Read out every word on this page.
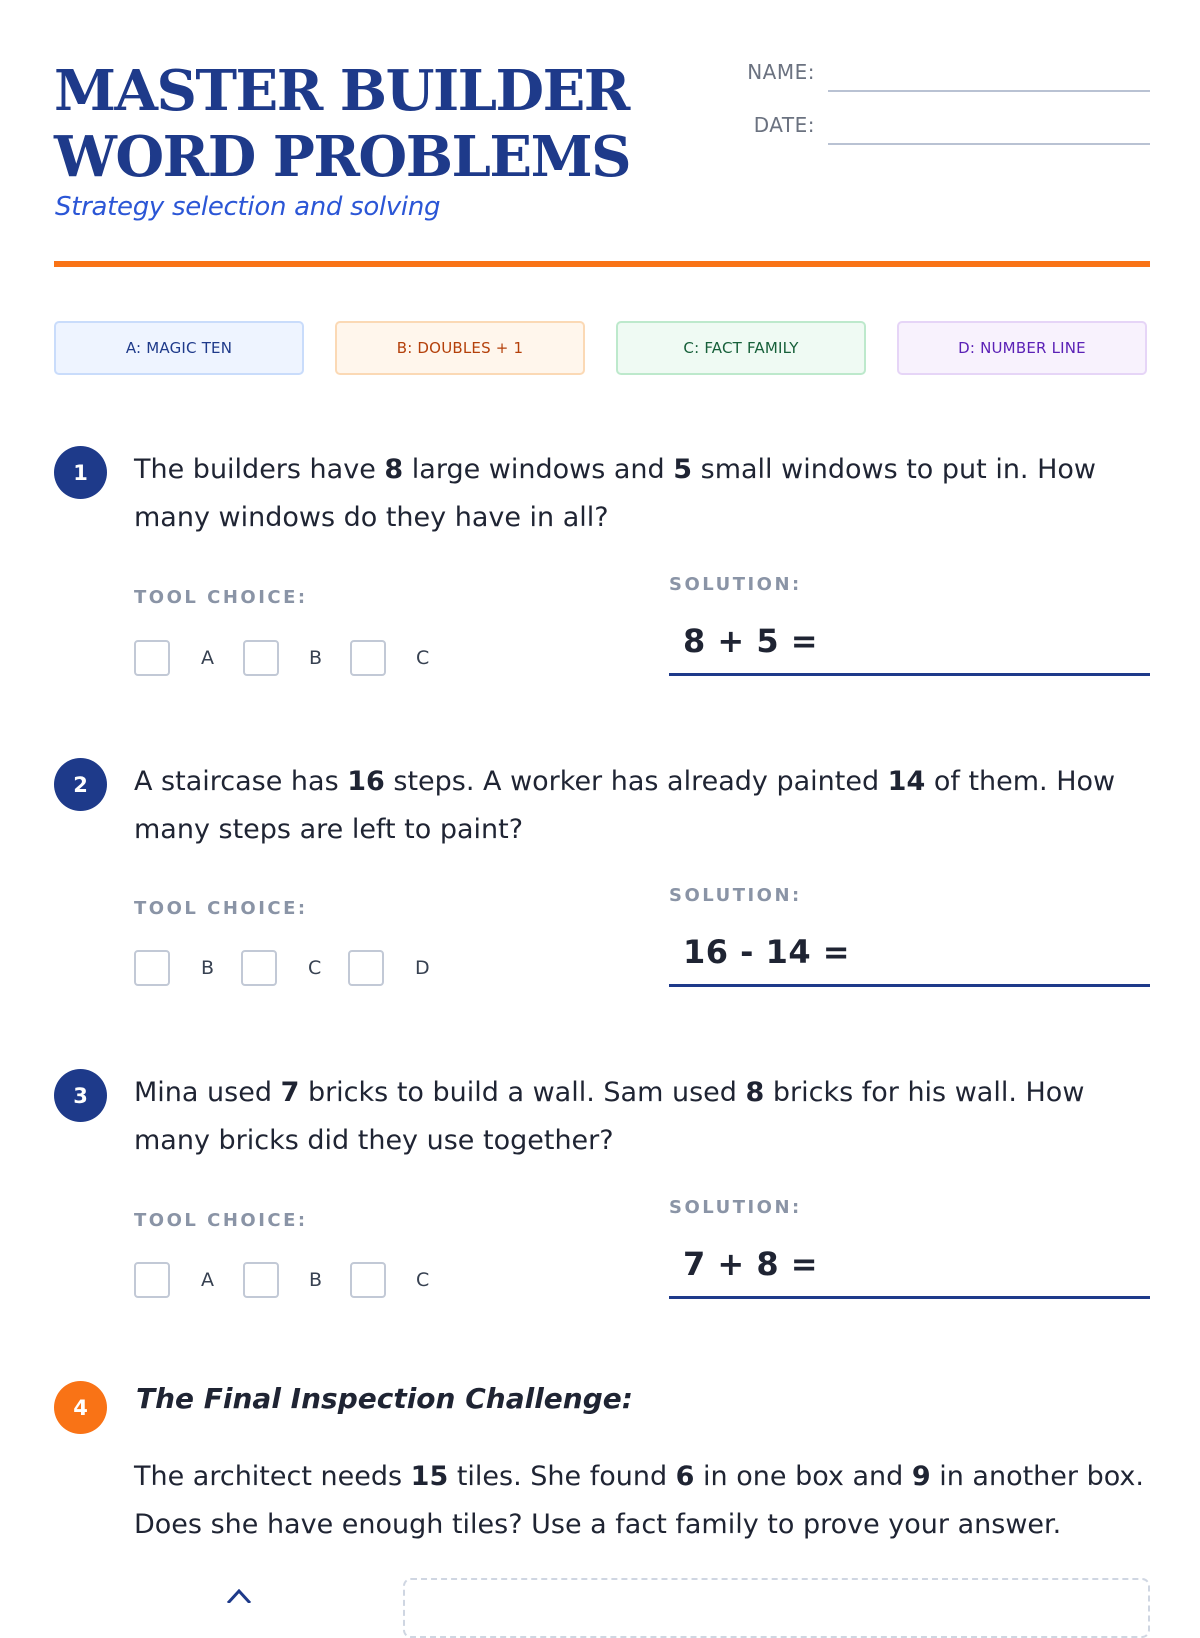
MASTER BUILDER
WORD PROBLEMS
Strategy selection and solving
NAME:
DATE:
A: MAGIC TEN	B: DOUBLES + 1	C: FACT FAMILY	D: NUMBER LINE
1	The builders have 8 large windows and 5 small windows to put in. How many windows do they have in all?
TOOL CHOICE:
SOLUTION:
A	B	C	8 + 5 =
2	A staircase has 16 steps. A worker has already painted 14 of them. How many steps are left to paint?
TOOL CHOICE:
SOLUTION:
B	C	D	16 - 14 =
3	Mina used 7 bricks to build a wall. Sam used 8 bricks for his wall. How many bricks did they use together?
TOOL CHOICE:
SOLUTION:
A	B	C	7 + 8 =
4	The Final Inspection Challenge:
The architect needs 15 tiles. She found 6 in one box and 9 in another box. Does she have enough tiles? Use a fact family to prove your answer.
